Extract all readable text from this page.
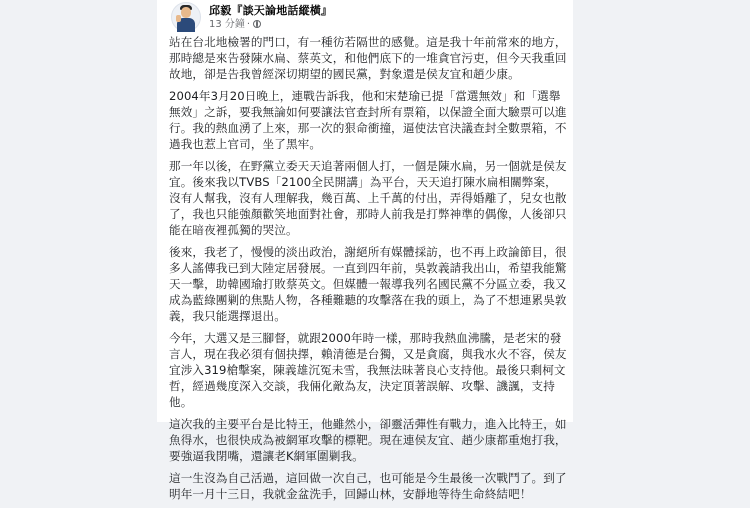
邱毅『談天論地話縱橫』
13 分鐘 ·

站在台北地檢署的門口，有一種彷若隔世的感覺。這是我十年前常來的地方，那時總是來告發陳水扁、蔡英文，和他們底下的一堆貪官污吏，但今天我重回故地，卻是告我曾經深切期望的國民黨，對象還是侯友宜和趙少康。

2004年3月20日晚上，連戰告訴我，他和宋楚瑜已提「當選無效」和「選舉無效」之訴，要我無論如何要讓法官查封所有票箱，以保證全面大驗票可以進行。我的熱血湧了上來，那一次的狠命衝撞，逼使法官決議查封全數票箱，不過我也惹上官司，坐了黑牢。

那一年以後，在野黨立委天天追著兩個人打，一個是陳水扁，另一個就是侯友宜。後來我以TVBS「2100全民開講」為平台，天天追打陳水扁相關弊案，沒有人幫我，沒有人理解我，幾百萬、上千萬的付出，弄得婚離了，兒女也散了，我也只能強顏歡笑地面對社會，那時人前我是打弊神準的偶像，人後卻只能在暗夜裡孤獨的哭泣。

後來，我老了，慢慢的淡出政治，謝絕所有媒體採訪，也不再上政論節目，很多人謠傳我已到大陸定居發展。一直到四年前，吳敦義請我出山，希望我能驚天一擊，助韓國瑜打敗蔡英文。但媒體一報導我列名國民黨不分區立委，我又成為藍綠團剿的焦點人物，各種難聽的攻擊落在我的頭上，為了不想連累吳敦義，我只能選擇退出。

今年，大選又是三腳督，就跟2000年時一樣，那時我熱血沸騰，是老宋的發言人，現在我必須有個抉擇，賴清德是台獨，又是貪腐，與我水火不容，侯友宜涉入319槍擊案，陳義雄沉冤未雪，我無法昧著良心支持他。最後只剩柯文哲，經過幾度深入交談，我倆化敵為友，決定頂著誤解、攻擊、譏諷，支持他。

這次我的主要平台是比特王，他雖然小，卻靈活彈性有戰力，進入比特王，如魚得水，也很快成為被網軍攻擊的標靶。現在連侯友宜、趙少康都重炮打我，要強逼我閉嘴，還讓老K網軍圍剿我。

這一生沒為自己活過，這回做一次自己，也可能是今生最後一次戰鬥了。到了明年一月十三日，我就金盆洗手，回歸山林，安靜地等待生命終結吧！
